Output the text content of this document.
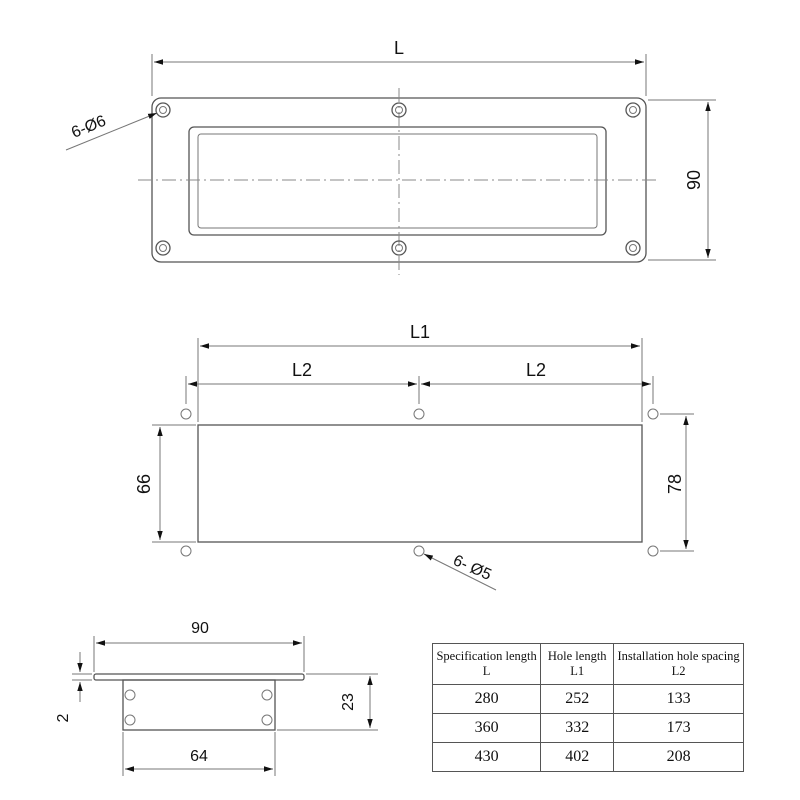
L
90
6-Ø6
L1
L2	L2
66	78
6- Ø5
90
64
23
2
Specification length L	Hole length L1	Installation hole spacing L2
280	252	133
360	332	173
430	402	208
